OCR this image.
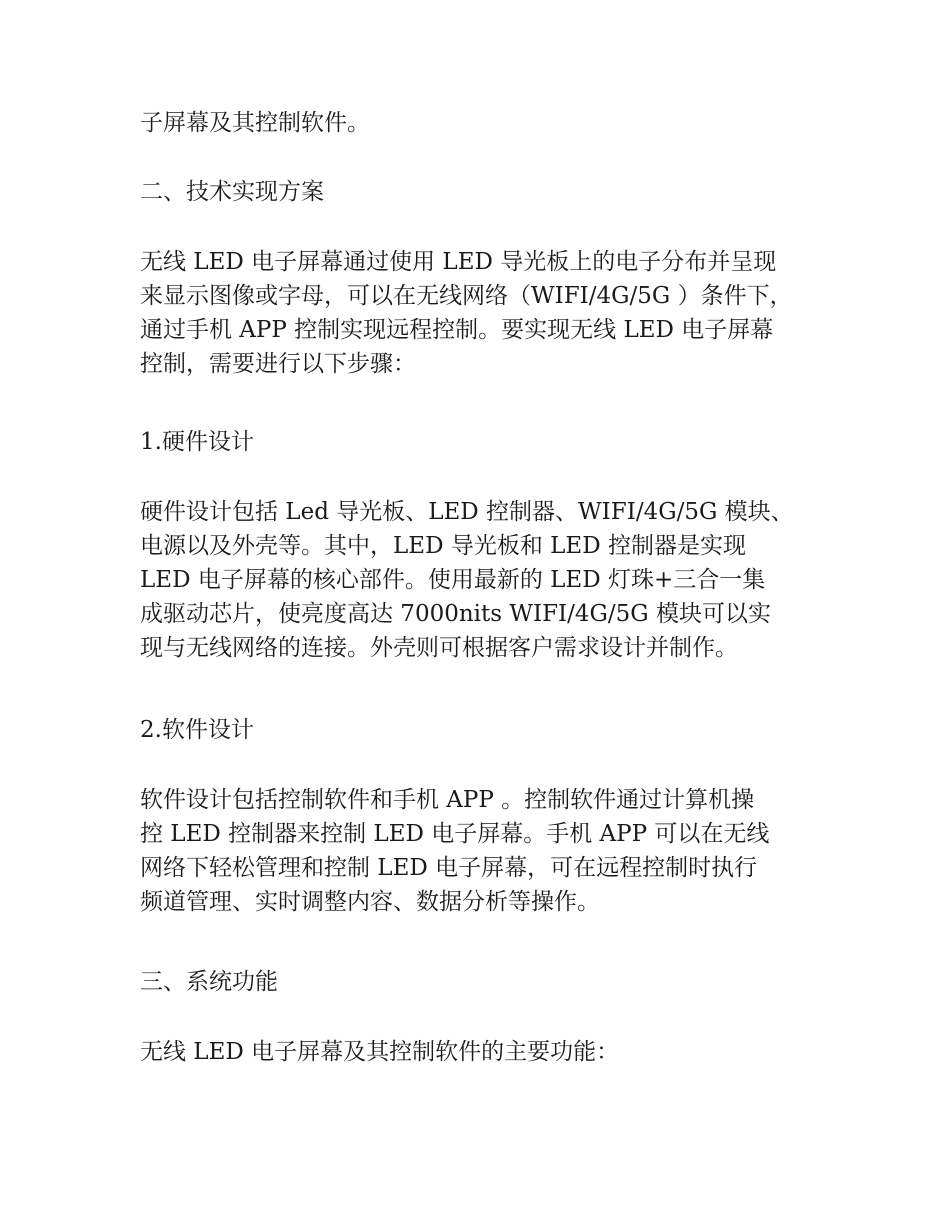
子屏幕及其控制软件。

二、技术实现方案

无线 LED 电子屏幕通过使用 LED 导光板上的电子分布并呈现
来显示图像或字母，可以在无线网络（WIFI/4G/5G ）条件下，
通过手机 APP 控制实现远程控制。要实现无线 LED 电子屏幕
控制，需要进行以下步骤：

1.硬件设计

硬件设计包括 Led 导光板、LED 控制器、WIFI/4G/5G 模块、
电源以及外壳等。其中，LED 导光板和 LED 控制器是实现
LED 电子屏幕的核心部件。使用最新的 LED 灯珠+三合一集
成驱动芯片，使亮度高达 7000nits WIFI/4G/5G 模块可以实
现与无线网络的连接。外壳则可根据客户需求设计并制作。

2.软件设计

软件设计包括控制软件和手机 APP 。控制软件通过计算机操
控 LED 控制器来控制 LED 电子屏幕。手机 APP 可以在无线
网络下轻松管理和控制 LED 电子屏幕，可在远程控制时执行
频道管理、实时调整内容、数据分析等操作。

三、系统功能

无线 LED 电子屏幕及其控制软件的主要功能：
